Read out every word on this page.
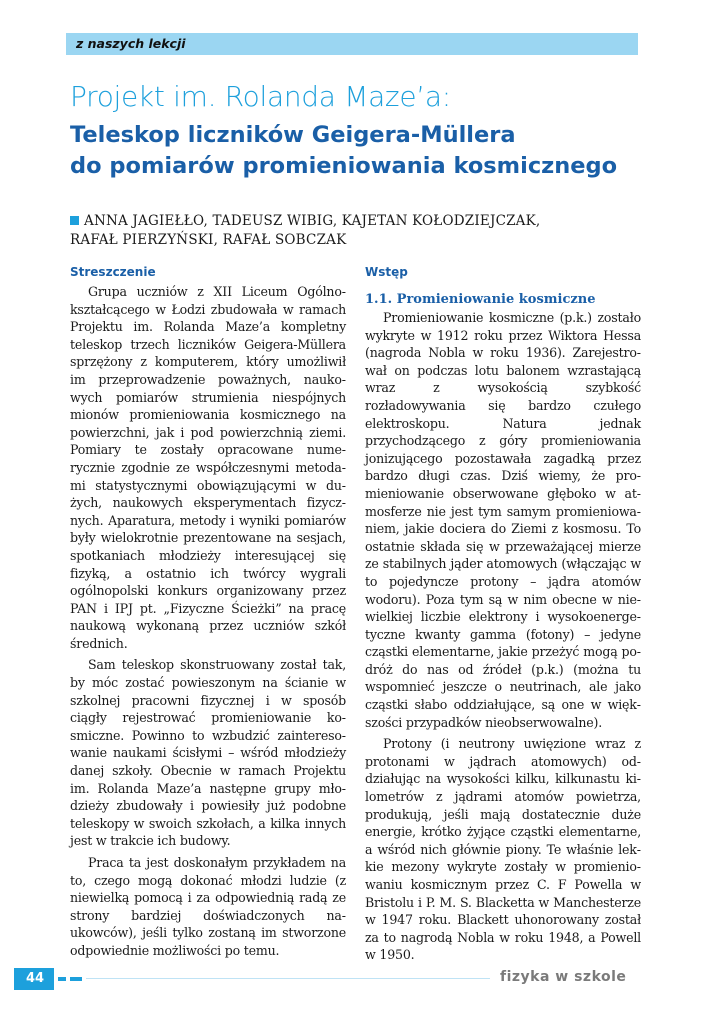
z naszych lekcji
Projekt im. Rolanda Maze’a:
Teleskop liczników Geigera-Müllera
do pomiarów promieniowania kosmicznego
ANNA JAGIEŁŁO, TADEUSZ WIBIG, KAJETAN KOŁODZIEJCZAK,
RAFAŁ PIERZYŃSKI, RAFAŁ SOBCZAK
Streszczenie

Grupa uczniów z XII Liceum Ogólnokształcącego w Łodzi zbudowała w ramach Projektu im. Rolanda Maze’a kompletny teleskop trzech liczników Geigera-Müllera sprzężony z komputerem, który umożliwił im przeprowadzenie poważnych, naukowych pomiarów strumienia niespójnych mionów promieniowania kosmicznego na powierzchni, jak i pod powierzchnią ziemi. Pomiary te zostały opracowane numerycznie zgodnie ze współczesnymi metodami statystycznymi obowiązującymi w dużych, naukowych eksperymentach fizycznych. Aparatura, metody i wyniki pomiarów były wielokrotnie prezentowane na sesjach, spotkaniach młodzieży interesującej się fizyką, a ostatnio ich twórcy wygrali ogólnopolski konkurs organizowany przez PAN i IPJ pt. „Fizyczne Ścieżki” na pracę naukową wykonaną przez uczniów szkół średnich.

Sam teleskop skonstruowany został tak, by móc zostać powieszonym na ścianie w szkolnej pracowni fizycznej i w sposób ciągły rejestrować promieniowanie kosmiczne. Powinno to wzbudzić zainteresowanie naukami ścisłymi – wśród młodzieży danej szkoły. Obecnie w ramach Projektu im. Rolanda Maze’a następne grupy młodzieży zbudowały i powiesiły już podobne teleskopy w swoich szkołach, a kilka innych jest w trakcie ich budowy.

Praca ta jest doskonałym przykładem na to, czego mogą dokonać młodzi ludzie (z niewielką pomocą i za odpowiednią radą ze strony bardziej doświadczonych naukowców), jeśli tylko zostaną im stworzone odpowiednie możliwości po temu.

Wstęp
1.1. Promieniowanie kosmiczne

Promieniowanie kosmiczne (p.k.) zostało wykryte w 1912 roku przez Wiktora Hessa (nagroda Nobla w roku 1936). Zarejestrował on podczas lotu balonem wzrastającą wraz z wysokością szybkość rozładowywania się bardzo czułego elektroskopu. Natura jednak przychodzącego z góry promieniowania jonizującego pozostawała zagadką przez bardzo długi czas. Dziś wiemy, że promieniowanie obserwowane głęboko w atmosferze nie jest tym samym promieniowaniem, jakie dociera do Ziemi z kosmosu. To ostatnie składa się w przeważającej mierze ze stabilnych jąder atomowych (włączając w to pojedyncze protony – jądra atomów wodoru). Poza tym są w nim obecne w niewielkiej liczbie elektrony i wysokoenergetyczne kwanty gamma (fotony) – jedyne cząstki elementarne, jakie przeżyć mogą podróż do nas od źródeł (p.k.) (można tu wspomnieć jeszcze o neutrinach, ale jako cząstki słabo oddziałujące, są one w większości przypadków nieobserwowalne).

Protony (i neutrony uwięzione wraz z protonami w jądrach atomowych) oddziałując na wysokości kilku, kilkunastu kilometrów z jądrami atomów powietrza, produkują, jeśli mają dostatecznie duże energie, krótko żyjące cząstki elementarne, a wśród nich głównie piony. Te właśnie lekkie mezony wykryte zostały w promieniowaniu kosmicznym przez C. F Powella w Bristolu i P. M. S. Blacketta w Manchesterze w 1947 roku. Blackett uhonorowany został za to nagrodą Nobla w roku 1948, a Powell w 1950.

44	fizyka w szkole
